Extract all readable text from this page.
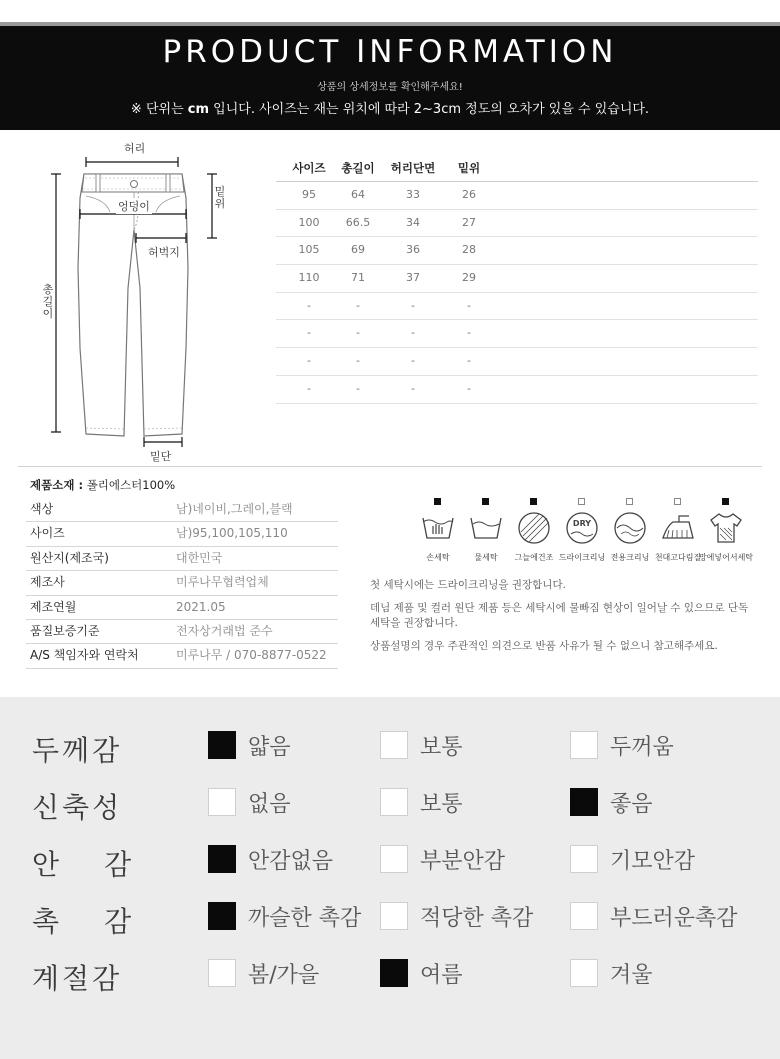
PRODUCT INFORMATION
상품의 상세정보를 확인해주세요!
※ 단위는 cm 입니다. 사이즈는 재는 위치에 따라 2~3cm 정도의 오차가 있을 수 있습니다.
허리
엉덩이
밑위
허벅지
총길이
밑단
사이즈	총길이	허리단면	밑위
95	64	33	26
100	66.5	34	27
105	69	36	28
110	71	37	29
-	-	-	-
-	-	-	-
-	-	-	-
-	-	-	-
제품소재 : 폴리에스터100%
색상	남)네이비,그레이,블랙
사이즈	남)95,100,105,110
원산지(제조국)	대한민국
제조사	미루나무협력업체
제조연월	2021.05
품질보증기준	전자상거래법 준수
A/S 책임자와 연락처	미루나무 / 070-8877-0522
손세탁	물세탁	그늘에건조
DRY
드라이크리닝 전용크리닝 천대고다림질
망에넣어서세탁

첫 세탁시에는 드라이크리닝을 권장합니다.

데님 제품 및 컬러 원단 제품 등은 세탁시에 물빠짐 현상이 일어날 수 있으므로 단독 세탁을 권장합니다.

상품설명의 경우 주관적인 의견으로 반품 사유가 될 수 없으니 참고해주세요.

두께감	얇음	보통	두꺼움
신축성	없음	보통	좋음
안 감	안감없음	부분안감	기모안감
촉 감	까슬한 촉감	적당한 촉감	부드러운촉감
계절감	봄/가을	여름	겨울
